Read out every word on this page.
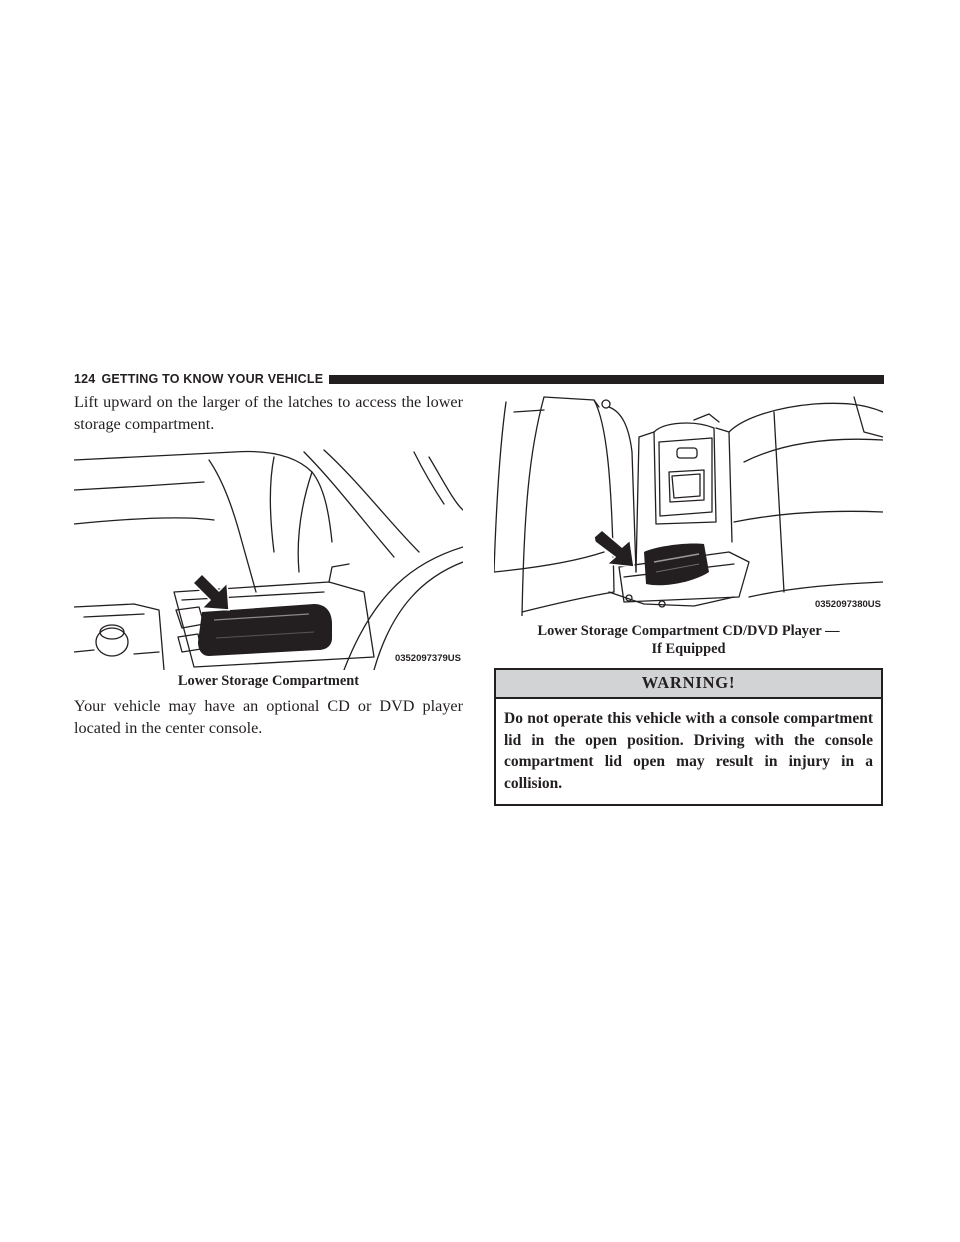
124 GETTING TO KNOW YOUR VEHICLE

Lift upward on the larger of the latches to access the lower storage compartment.

0352097379US

Lower Storage Compartment

Your vehicle may have an optional CD or DVD player located in the center console.

0352097380US

Lower Storage Compartment CD/DVD Player —

If Equipped

WARNING!
Do not operate this vehicle with a console compartment lid in the open position. Driving with the console compartment lid open may result in injury in a collision.
